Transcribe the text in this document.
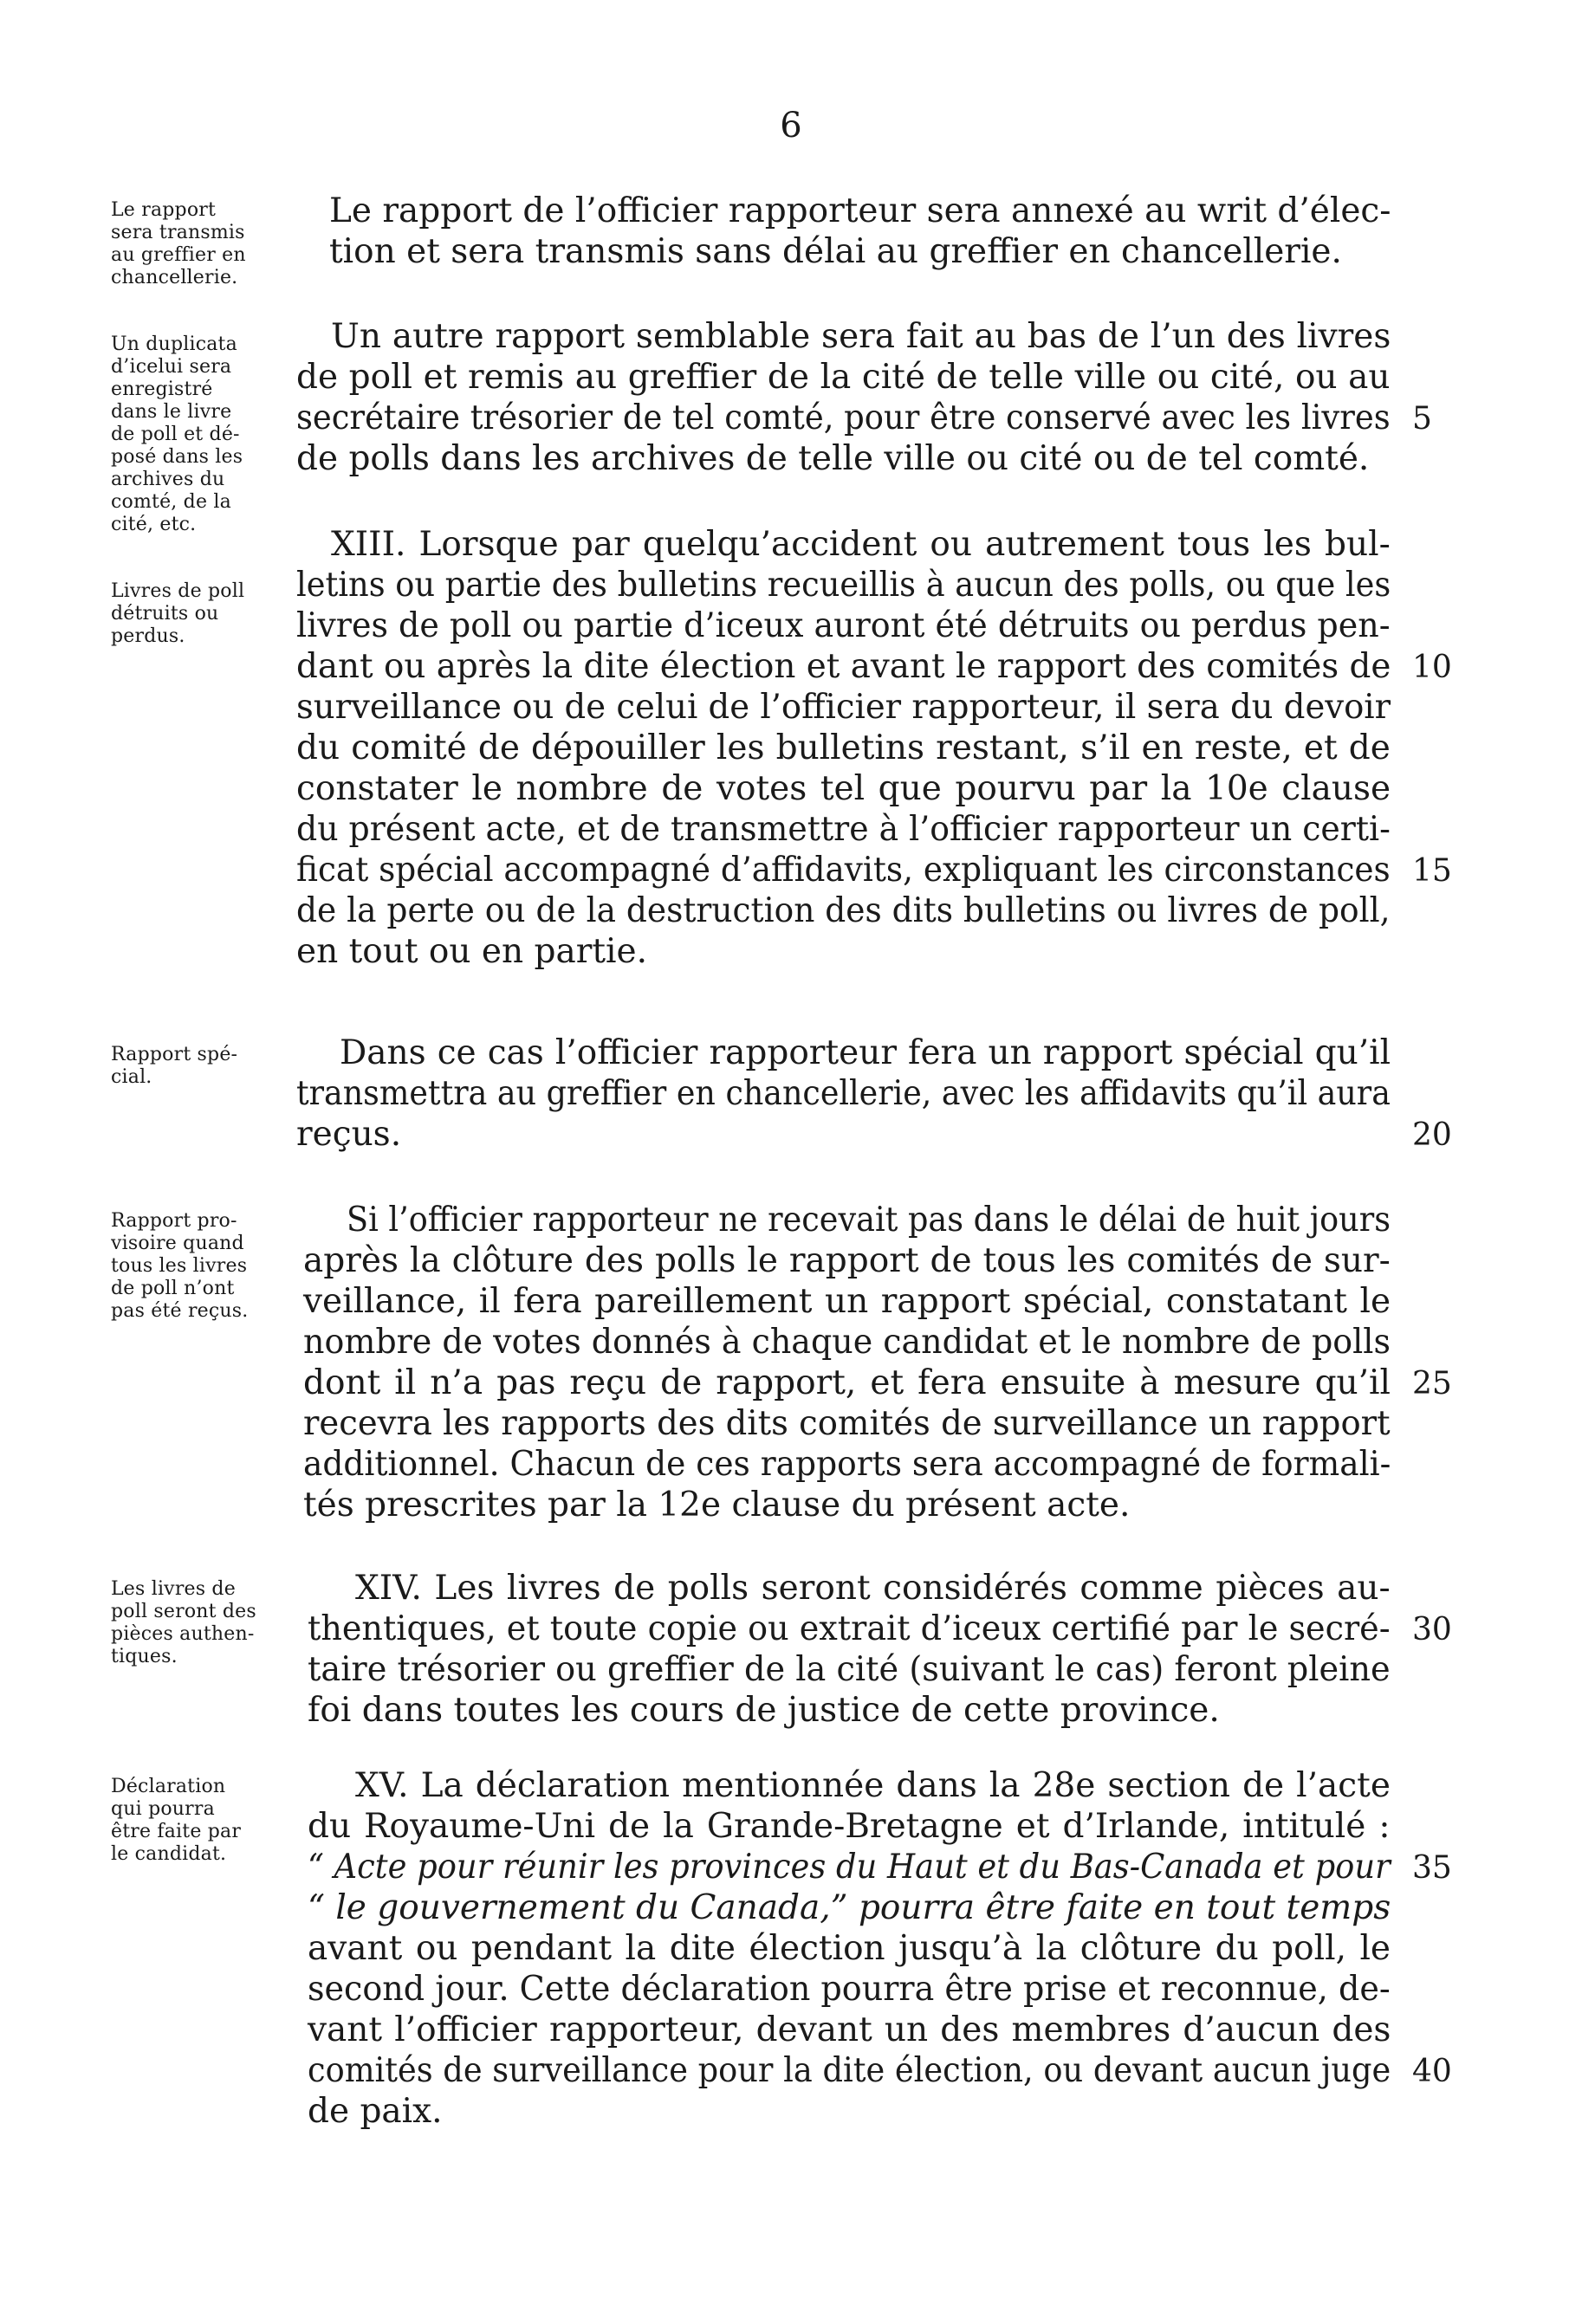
6
Le rapport
sera transmis
au greffier en
chancellerie.
Le rapport de l’officier rapporteur sera annexé au writ d’élec-
tion et sera transmis sans délai au greffier en chancellerie.
Un duplicata
d’icelui sera
enregistré
dans le livre
de poll et dé-
posé dans les
archives du
comté, de la
cité, etc.
Un autre rapport semblable sera fait au bas de l’un des livres
de poll et remis au greffier de la cité de telle ville ou cité, ou au
secrétaire trésorier de tel comté, pour être conservé avec les livres 5
de polls dans les archives de telle ville ou cité ou de tel comté.
Livres de poll
détruits ou
perdus.
XIII. Lorsque par quelqu’accident ou autrement tous les bul-
letins ou partie des bulletins recueillis à aucun des polls, ou que les
livres de poll ou partie d’iceux auront été détruits ou perdus pen-
dant ou après la dite élection et avant le rapport des comités de 10
surveillance ou de celui de l’officier rapporteur, il sera du devoir
du comité de dépouiller les bulletins restant, s’il en reste, et de
constater le nombre de votes tel que pourvu par la 10e clause
du présent acte, et de transmettre à l’officier rapporteur un certi-
ficat spécial accompagné d’affidavits, expliquant les circonstances 15
de la perte ou de la destruction des dits bulletins ou livres de poll,
en tout ou en partie.
Rapport spé-
cial.
Dans ce cas l’officier rapporteur fera un rapport spécial qu’il
transmettra au greffier en chancellerie, avec les affidavits qu’il aura
reçus.	20
Rapport pro-
visoire quand
tous les livres
de poll n’ont
pas été reçus.
Si l’officier rapporteur ne recevait pas dans le délai de huit jours
après la clôture des polls le rapport de tous les comités de sur-
veillance, il fera pareillement un rapport spécial, constatant le
nombre de votes donnés à chaque candidat et le nombre de polls
dont il n’a pas reçu de rapport, et fera ensuite à mesure qu’il 25
recevra les rapports des dits comités de surveillance un rapport
additionnel. Chacun de ces rapports sera accompagné de formali-
tés prescrites par la 12e clause du présent acte.
Les livres de
poll seront des
pièces authen-
tiques.
XIV. Les livres de polls seront considérés comme pièces au-
thentiques, et toute copie ou extrait d’iceux certifié par le secré- 30
taire trésorier ou greffier de la cité (suivant le cas) feront pleine
foi dans toutes les cours de justice de cette province.
Déclaration
qui pourra
être faite par
le candidat.
XV. La déclaration mentionnée dans la 28e section de l’acte
du Royaume-Uni de la Grande-Bretagne et d’Irlande, intitulé :
“ Acte pour réunir les provinces du Haut et du Bas-Canada et pour 35
“ le gouvernement du Canada,” pourra être faite en tout temps
avant ou pendant la dite élection jusqu’à la clôture du poll, le
second jour. Cette déclaration pourra être prise et reconnue, de-
vant l’officier rapporteur, devant un des membres d’aucun des
comités de surveillance pour la dite élection, ou devant aucun juge 40
de paix.
